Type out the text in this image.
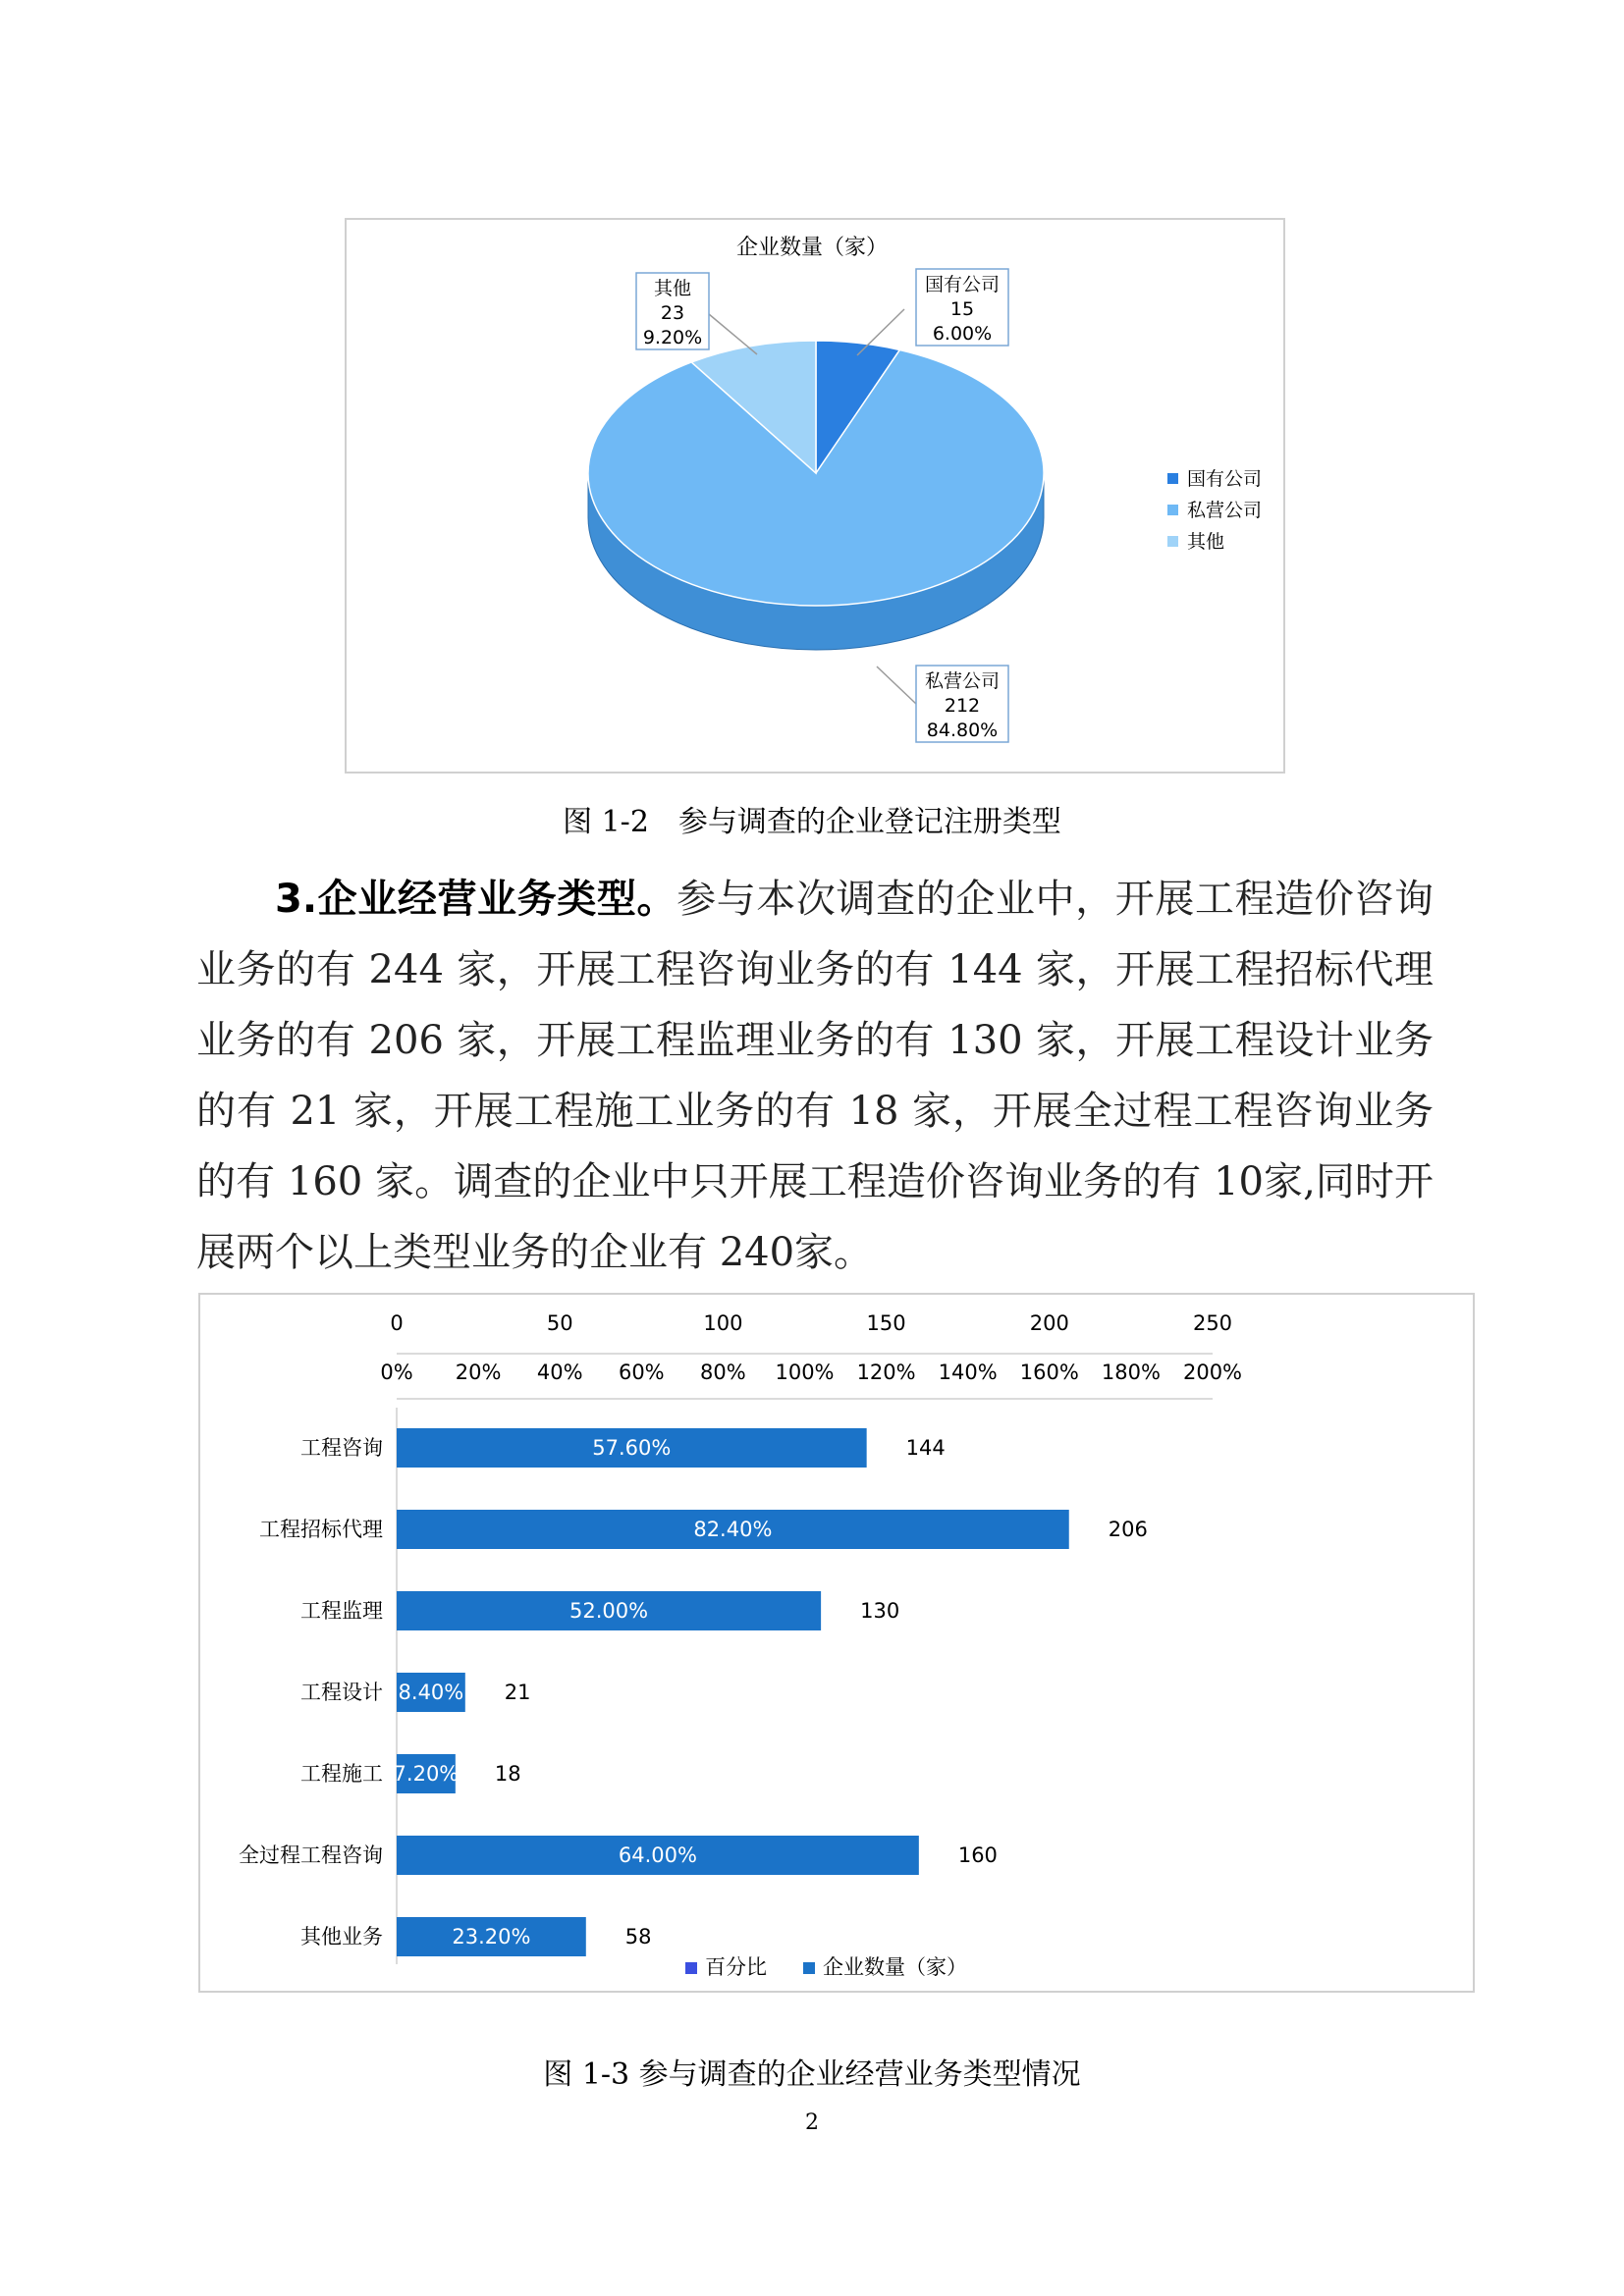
企业数量（家）
国有公司
15
6.00%
私营公司
212
84.80%
其他
23
9.20%
国有公司
私营公司
其他
图 1-2　参与调查的企业登记注册类型
3.企业经营业务类型。参与本次调查的企业中，开展工程造价咨询业务的有 244 家，开展工程咨询业务的有 144 家，开展工程招标代理业务的有 206 家，开展工程监理业务的有 130 家，开展工程设计业务的有 21 家，开展工程施工业务的有 18 家，开展全过程工程咨询业务的有 160 家。调查的企业中只开展工程造价咨询业务的有 10家,同时开展两个以上类型业务的企业有 240家。
0	50	100	150	200	250
0% 20% 40% 60% 80% 100% 120% 140% 160% 180% 200%
工程咨询
工程招标代理
工程监理
工程设计
工程施工
全过程工程咨询
其他业务
57.60%	144
82.40%	206
52.00%	130
8.40% 21
7.20% 18
64.00%	160
23.20%	58
百分比	企业数量（家）
图 1-3 参与调查的企业经营业务类型情况
2
